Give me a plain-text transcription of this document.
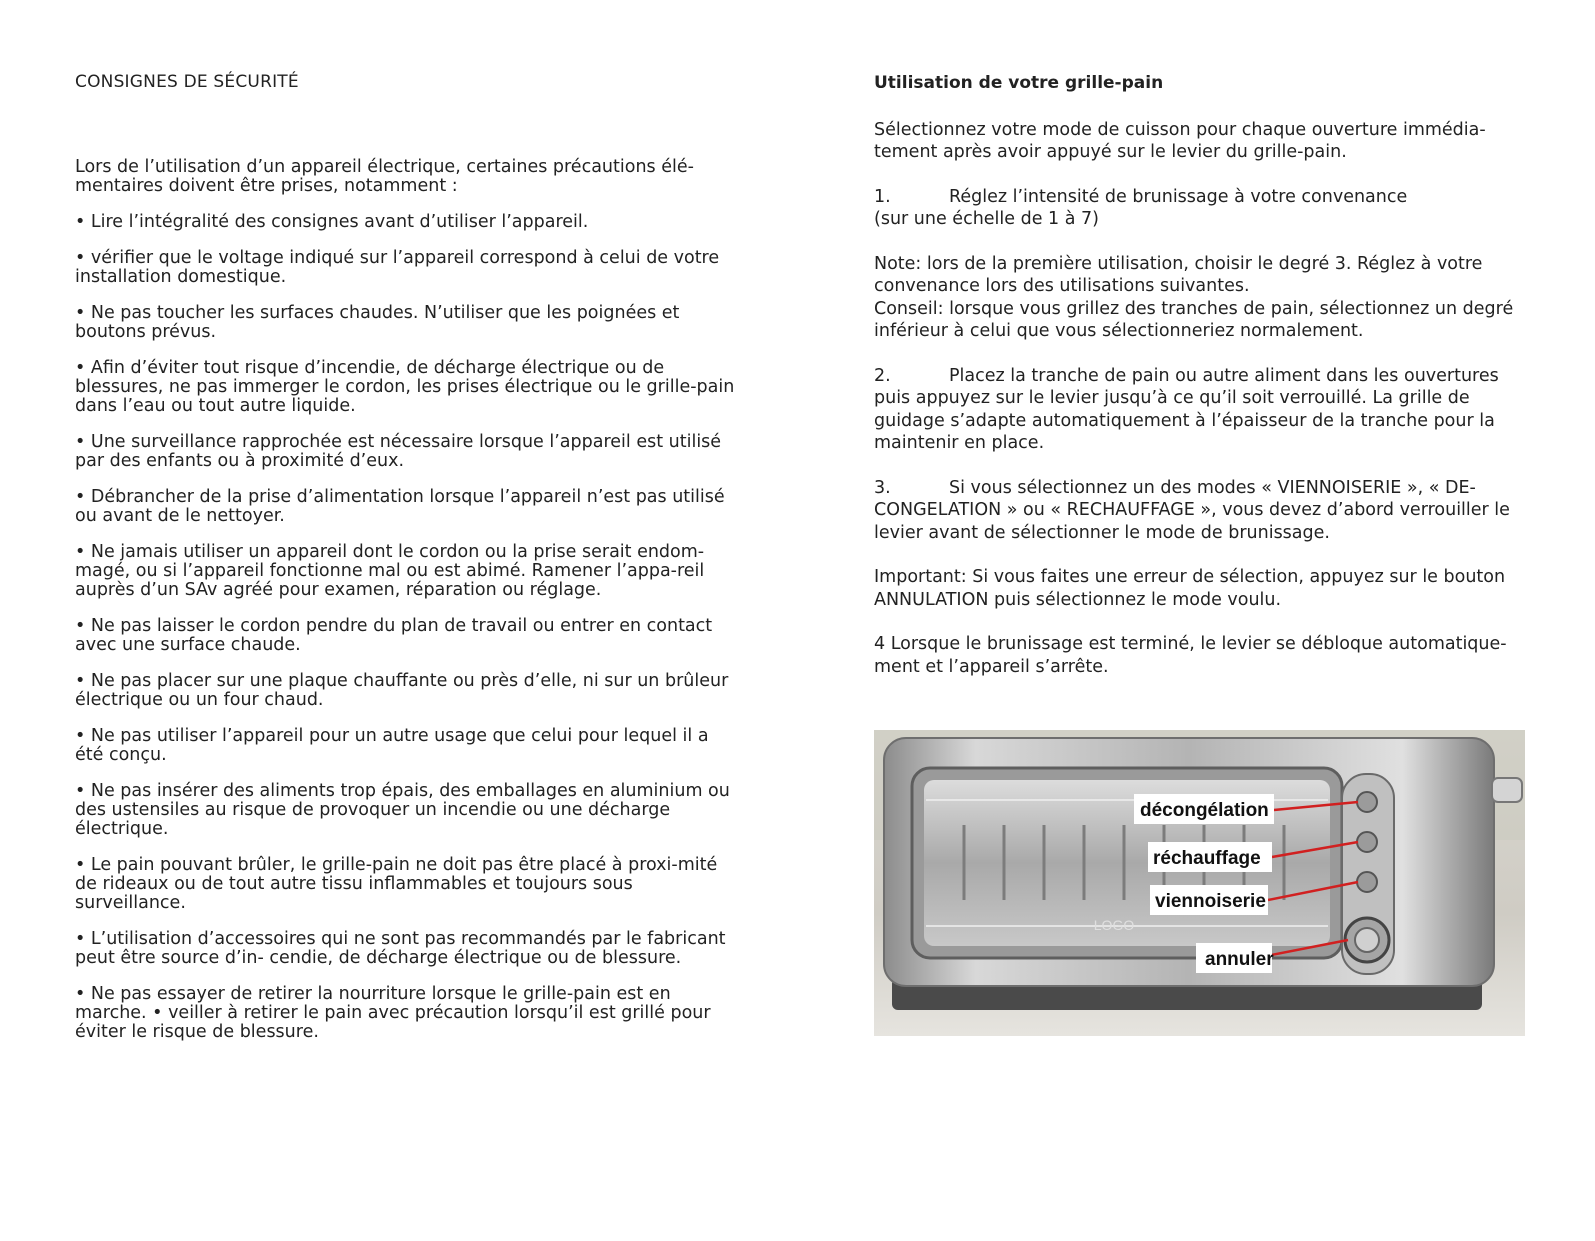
CONSIGNES DE SÉCURITÉ

Lors de l’utilisation d’un appareil électrique, certaines précautions élé-mentaires doivent être prises, notamment :

• Lire l’intégralité des consignes avant d’utiliser l’appareil.

• vérifier que le voltage indiqué sur l’appareil correspond à celui de votre installation domestique.

• Ne pas toucher les surfaces chaudes. N’utiliser que les poignées et boutons prévus.

• Afin d’éviter tout risque d’incendie, de décharge électrique ou de blessures, ne pas immerger le cordon, les prises électrique ou le grille-pain dans l’eau ou tout autre liquide.

• Une surveillance rapprochée est nécessaire lorsque l’appareil est utilisé par des enfants ou à proximité d’eux.

• Débrancher de la prise d’alimentation lorsque l’appareil n’est pas utilisé ou avant de le nettoyer.

• Ne jamais utiliser un appareil dont le cordon ou la prise serait endom-magé, ou si l’appareil fonctionne mal ou est abimé. Ramener l’appa-reil auprès d’un SAv agréé pour examen, réparation ou réglage.

• Ne pas laisser le cordon pendre du plan de travail ou entrer en contact avec une surface chaude.

• Ne pas placer sur une plaque chauffante ou près d’elle, ni sur un brûleur électrique ou un four chaud.

• Ne pas utiliser l’appareil pour un autre usage que celui pour lequel il a été conçu.

• Ne pas insérer des aliments trop épais, des emballages en aluminium ou des ustensiles au risque de provoquer un incendie ou une décharge électrique.

• Le pain pouvant brûler, le grille-pain ne doit pas être placé à proxi-mité de rideaux ou de tout autre tissu inflammables et toujours sous surveillance.

• L’utilisation d’accessoires qui ne sont pas recommandés par le fabricant peut être source d’in- cendie, de décharge électrique ou de blessure.

• Ne pas essayer de retirer la nourriture lorsque le grille-pain est en marche. • veiller à retirer le pain avec précaution lorsqu’il est grillé pour éviter le risque de blessure.

Utilisation de votre grille-pain

Sélectionnez votre mode de cuisson pour chaque ouverture immédia-tement après avoir appuyé sur le levier du grille-pain.

1.	Réglez l’intensité de brunissage à votre convenance
(sur une échelle de 1 à 7)

Note: lors de la première utilisation, choisir le degré 3. Réglez à votre convenance lors des utilisations suivantes.
Conseil: lorsque vous grillez des tranches de pain, sélectionnez un degré inférieur à celui que vous sélectionneriez normalement.

2.	Placez la tranche de pain ou autre aliment dans les ouvertures puis appuyez sur le levier jusqu’à ce qu’il soit verrouillé. La grille de guidage s’adapte automatiquement à l’épaisseur de la tranche pour la maintenir en place.

3.	Si vous sélectionnez un des modes « VIENNOISERIE », « DE-CONGELATION » ou « RECHAUFFAGE », vous devez d’abord verrouiller le levier avant de sélectionner le mode de brunissage.

Important: Si vous faites une erreur de sélection, appuyez sur le bouton ANNULATION puis sélectionnez le mode voulu.

4 Lorsque le brunissage est terminé, le levier se débloque automatique-ment et l’appareil s’arrête.

LOGO
décongélation
réchauffage
viennoiserie
annuler
